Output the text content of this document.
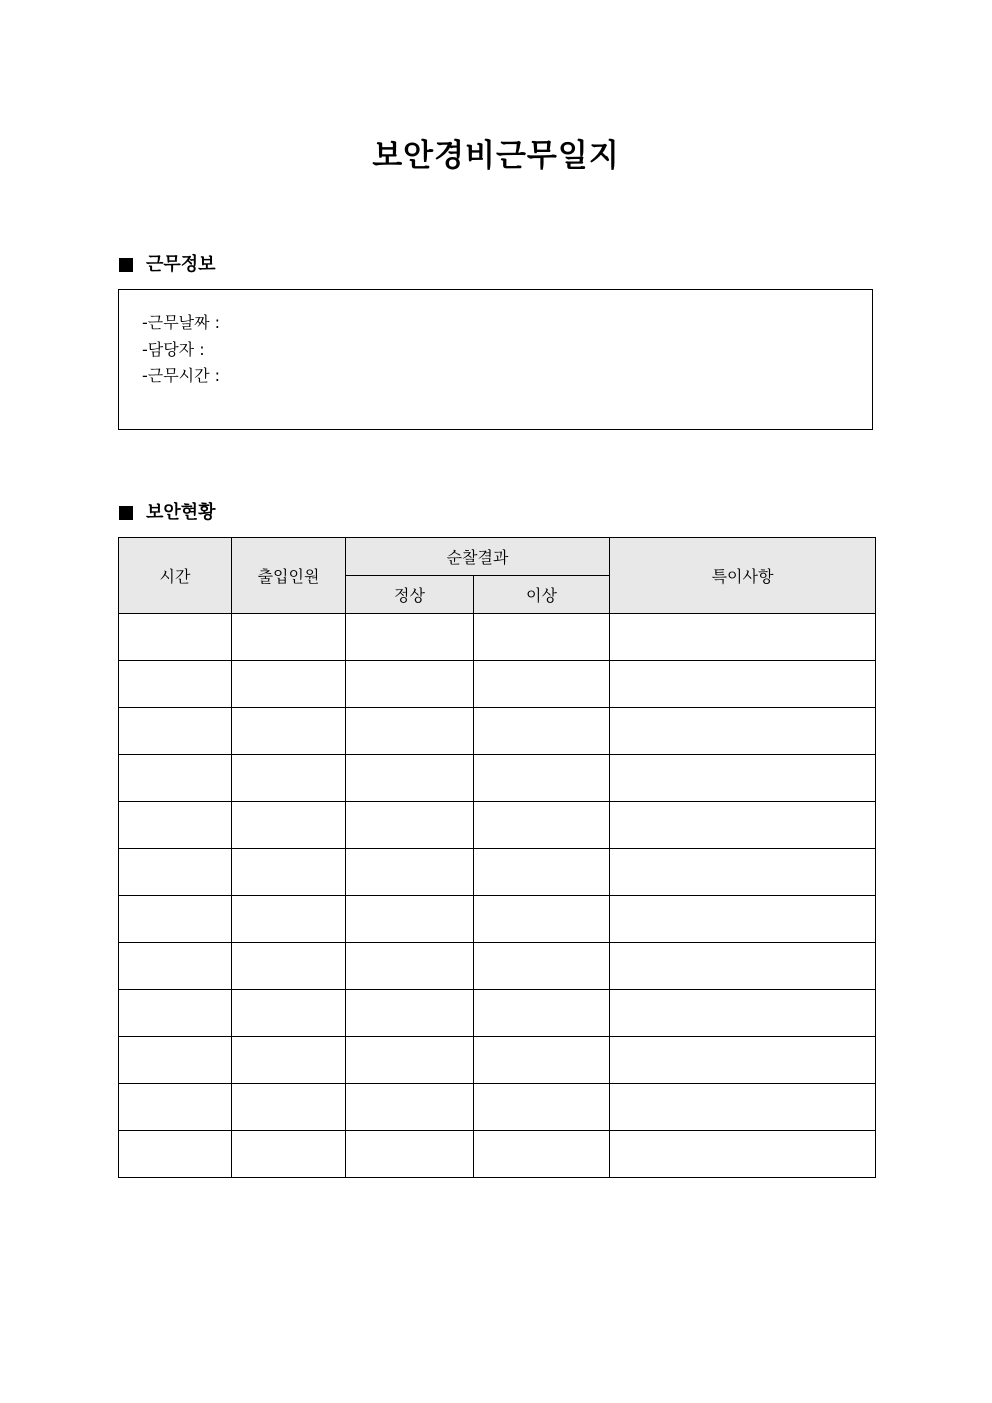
보안경비근무일지
근무정보
-근무날짜 :
-담당자 :
-근무시간 :
보안현황
시간	출입인원	순찰결과		특이사항
		정상	이상	
